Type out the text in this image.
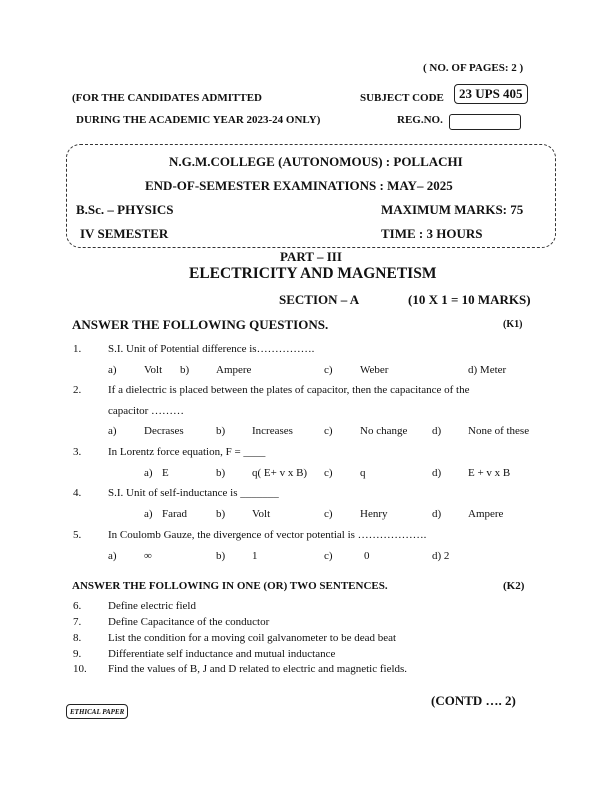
( NO. OF PAGES: 2 )
(FOR THE CANDIDATES ADMITTED
DURING THE ACADEMIC YEAR 2023-24 ONLY)
SUBJECT CODE	23 UPS 405
REG.NO.
N.G.M.COLLEGE (AUTONOMOUS) : POLLACHI
END-OF-SEMESTER EXAMINATIONS : MAY– 2025
B.Sc. – PHYSICS	MAXIMUM MARKS: 75
IV SEMESTER	TIME : 3 HOURS
PART – III
ELECTRICITY AND MAGNETISM
SECTION – A	(10 X 1 = 10 MARKS)
ANSWER THE FOLLOWING QUESTIONS.	(K1)
1. S.I. Unit of Potential difference is…………….
a) Volt b) Ampere	c) Weber	d) Meter
2. If a dielectric is placed between the plates of capacitor, then the capacitance of the
capacitor ………
a) Decrases	b) Increases	c) No change d) None of these
3. In Lorentz force equation, F = ____
a) E	b) q( E+ v x B) c) q	d) E + v x B
4. S.I. Unit of self-inductance is _______
a) Farad	b) Volt	c) Henry	d) Ampere
5. In Coulomb Gauze, the divergence of vector potential is ……………….
a) ∞	b) 1	c)	0	d) 2
ANSWER THE FOLLOWING IN ONE (OR) TWO SENTENCES.	(K2)
6. Define electric field
7. Define Capacitance of the conductor
8. List the condition for a moving coil galvanometer to be dead beat
9. Differentiate self inductance and mutual inductance
10. Find the values of B, J and D related to electric and magnetic fields.
ETHICAL PAPER
(CONTD …. 2)
